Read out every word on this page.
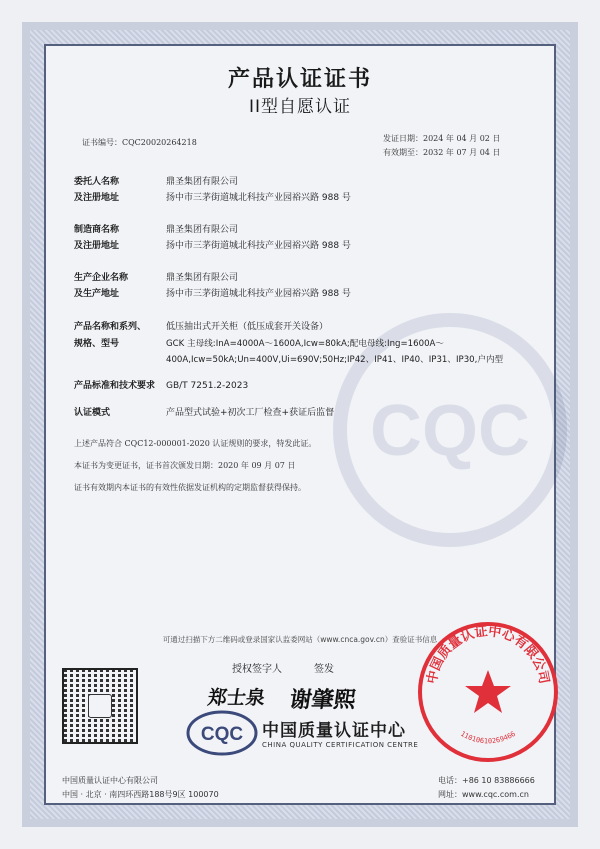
CQC
产品认证证书
II型自愿认证
证书编号：CQC20020264218	发证日期：2024 年 04 月 02 日
有效期至：2032 年 07 月 04 日
委托人名称	鼎圣集团有限公司
及注册地址	扬中市三茅街道城北科技产业园裕兴路 988 号
制造商名称	鼎圣集团有限公司
及注册地址	扬中市三茅街道城北科技产业园裕兴路 988 号
生产企业名称	鼎圣集团有限公司
及生产地址	扬中市三茅街道城北科技产业园裕兴路 988 号
产品名称和系列、 低压抽出式开关柜（低压成套开关设备）
规格、型号	GCK 主母线:InA=4000A～1600A,Icw=80kA;配电母线:Ing=1600A～
400A,Icw=50kA;Un=400V,Ui=690V;50Hz;IP42、IP41、IP40、IP31、IP30,户内型
产品标准和技术要求 GB/T 7251.2-2023
认证模式	产品型式试验+初次工厂检查+获证后监督
上述产品符合 CQC12-000001-2020 认证规则的要求，特发此证。
本证书为变更证书，证书首次颁发日期：2020 年 09 月 07 日
证书有效期内本证书的有效性依据发证机构的定期监督获得保持。
可通过扫描下方二维码或登录国家认监委网站（www.cnca.gov.cn）查验证书信息
授权签字人	签发
郑士泉 谢肇熙
CQC 中国质量认证中心
CHINA QUALITY CERTIFICATION CENTRE
中国质量认证中心有限公司
1101061026946​6
中国质量认证中心有限公司
中国 · 北京 · 南四环西路188号9区 100070
电话：+86 10 83886666
网址：www.cqc.com.cn
